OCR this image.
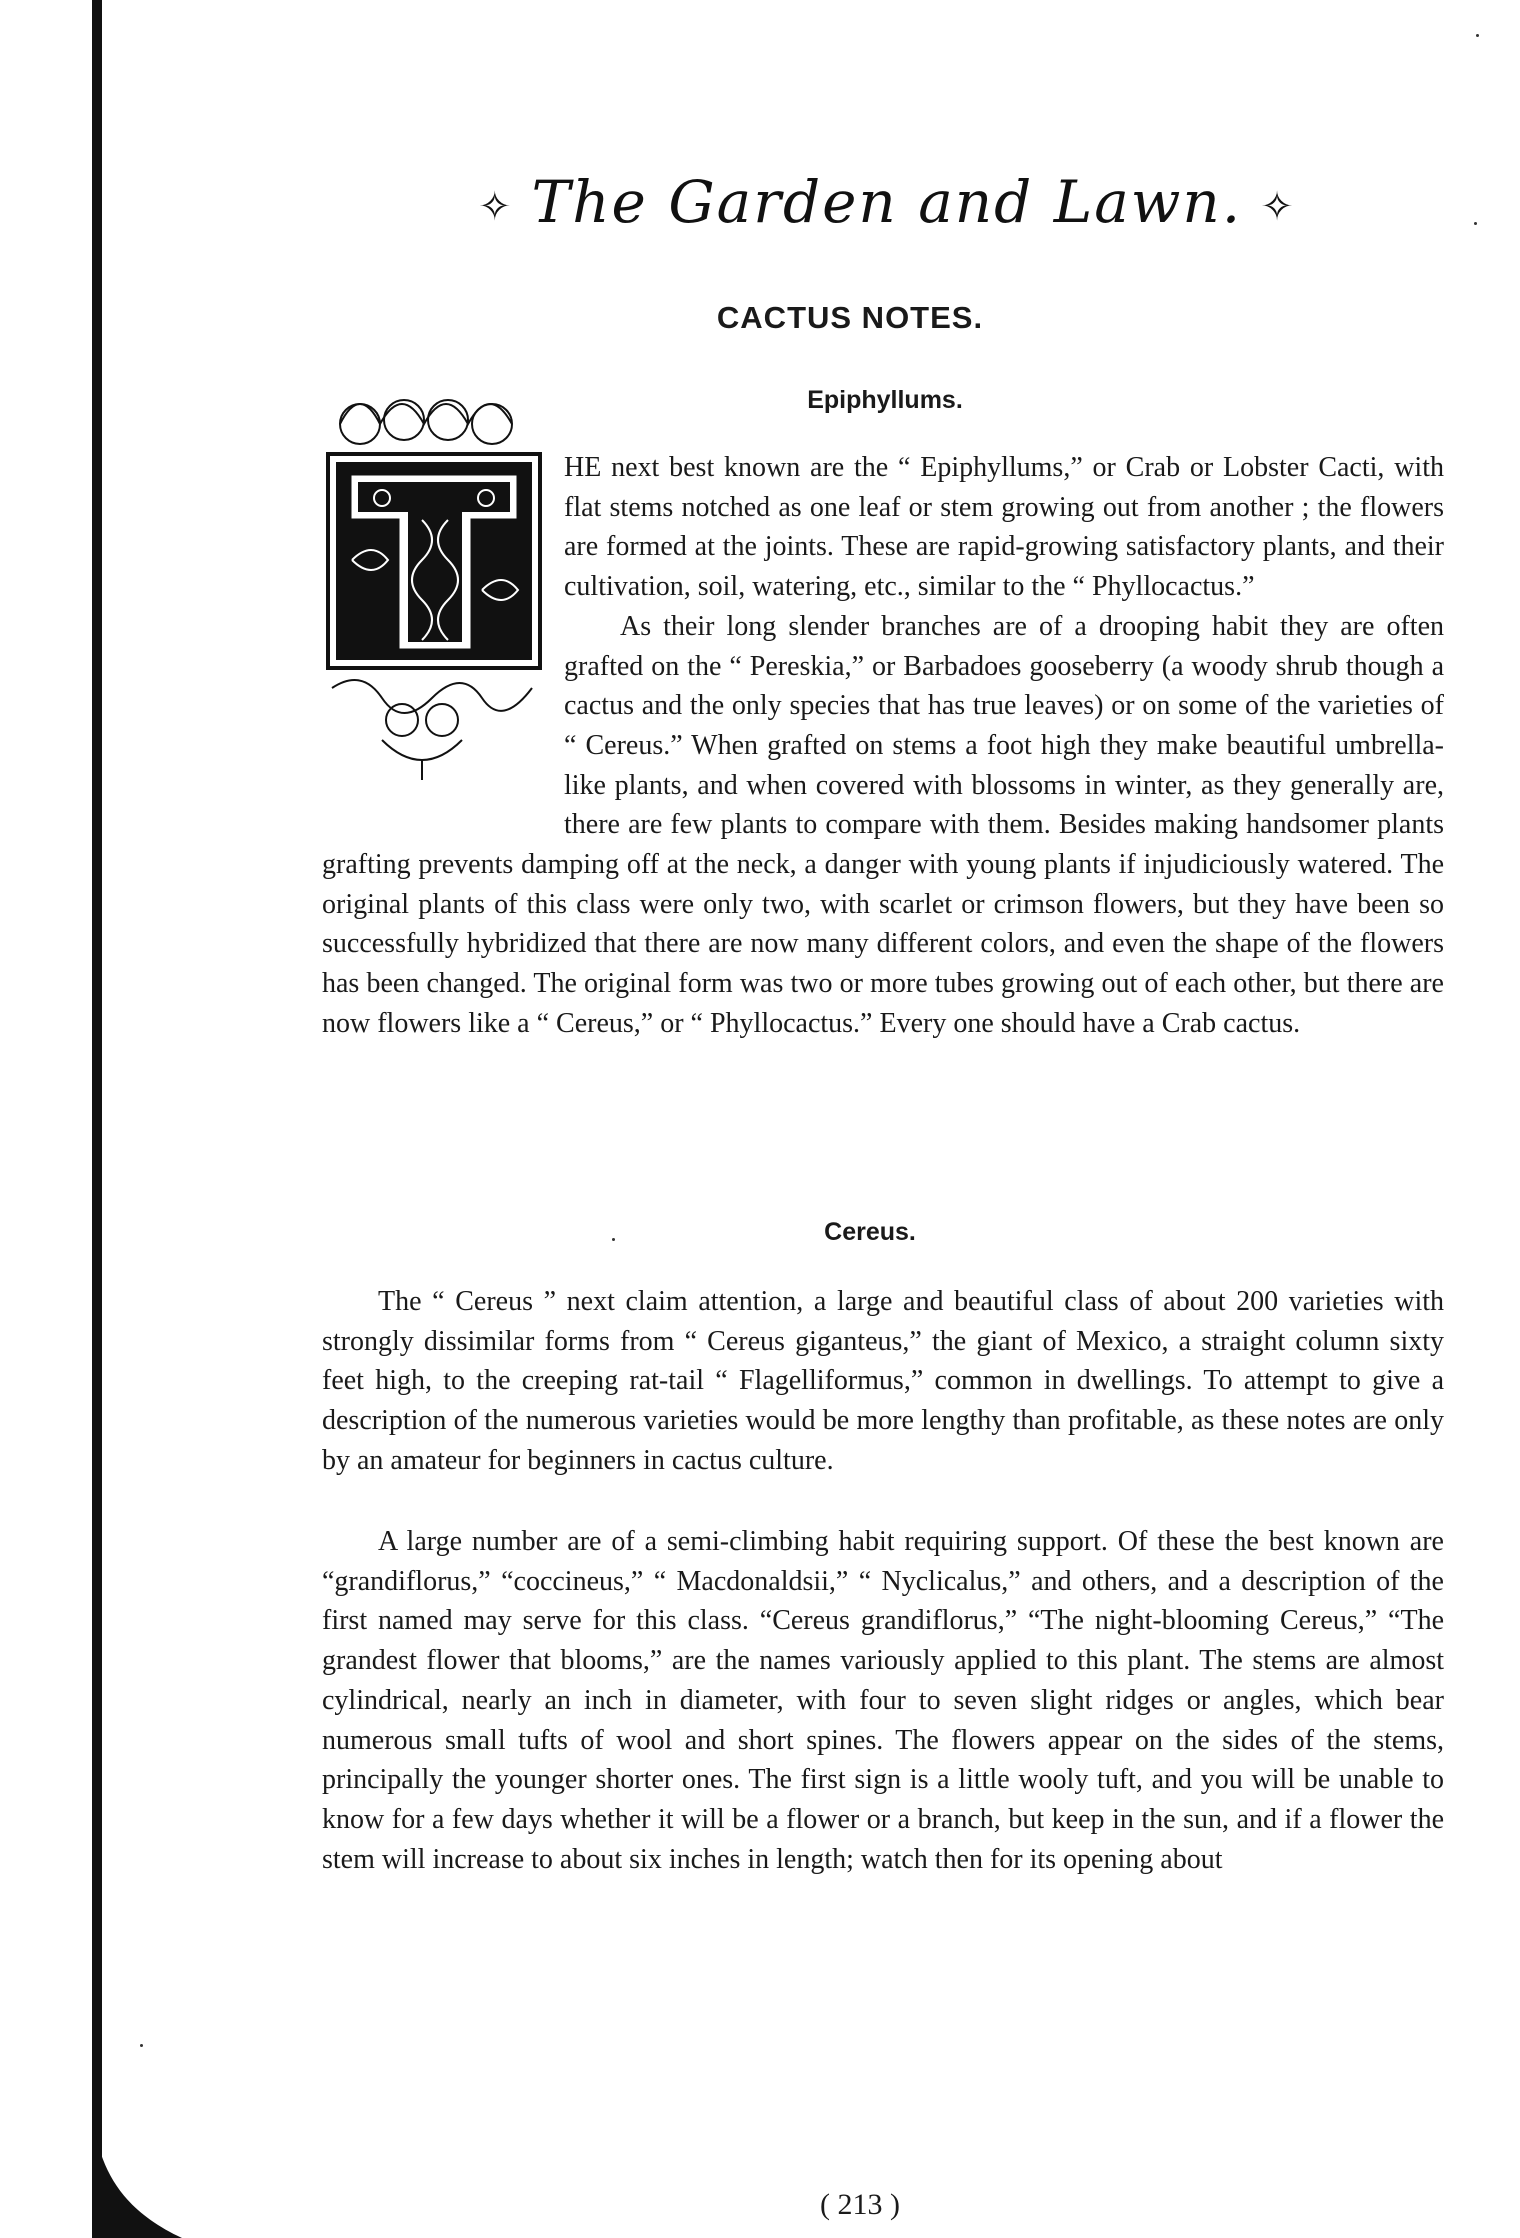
✧ The Garden and Lawn. ✧
CACTUS NOTES.
Epiphyllums.

HE next best known are the “ Epiphyllums,” or Crab or Lobster Cacti, with flat stems notched as one leaf or stem growing out from another ; the flowers are formed at the joints. These are rapid-growing satisfactory plants, and their cultivation, soil, watering, etc., similar to the “ Phyllocactus.”
As their long slender branches are of a drooping habit they are often grafted on the “ Pereskia,” or Barbadoes gooseberry (a woody shrub though a cactus and the only species that has true leaves) or on some of the varieties of “ Cereus.” When grafted on stems a foot high they make beautiful umbrella-like plants, and when covered with blossoms in winter, as they generally are, there are few plants to compare with them. Besides making handsomer plants grafting prevents damping off at the neck, a danger with young plants if injudiciously watered. The original plants of this class were only two, with scarlet or crimson flowers, but they have been so successfully hybridized that there are now many different colors, and even the shape of the flowers has been changed. The original form was two or more tubes growing out of each other, but there are now flowers like a “ Cereus,” or “ Phyllocactus.” Every one should have a Crab cactus.

Cereus.

The “ Cereus ” next claim attention, a large and beautiful class of about 200 varieties with strongly dissimilar forms from “ Cereus giganteus,” the giant of Mexico, a straight column sixty feet high, to the creeping rat-tail “ Flagelliformus,” common in dwellings. To attempt to give a description of the numerous varieties would be more lengthy than profitable, as these notes are only by an amateur for beginners in cactus culture.

A large number are of a semi-climbing habit requiring support. Of these the best known are “grandiflorus,” “coccineus,” “ Macdonaldsii,” “ Nyclicalus,” and others, and a description of the first named may serve for this class. “Cereus grandiflorus,” “The night-blooming Cereus,” “The grandest flower that blooms,” are the names variously applied to this plant. The stems are almost cylindrical, nearly an inch in diameter, with four to seven slight ridges or angles, which bear numerous small tufts of wool and short spines. The flowers appear on the sides of the stems, principally the younger shorter ones. The first sign is a little wooly tuft, and you will be unable to know for a few days whether it will be a flower or a branch, but keep in the sun, and if a flower the stem will increase to about six inches in length; watch then for its opening about

( 213 )
